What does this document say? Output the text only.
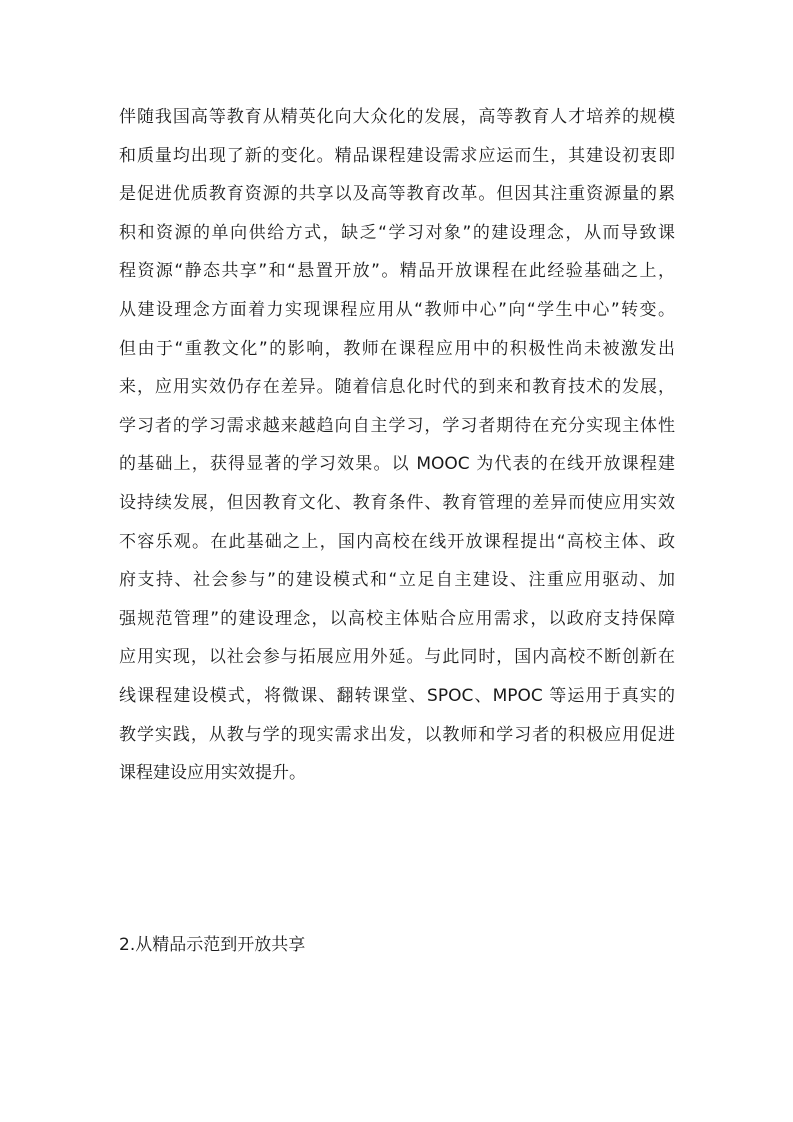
伴随我国高等教育从精英化向大众化的发展，高等教育人才培养的规模
和质量均出现了新的变化。精品课程建设需求应运而生，其建设初衷即
是促进优质教育资源的共享以及高等教育改革。但因其注重资源量的累
积和资源的单向供给方式，缺乏“学习对象”的建设理念，从而导致课
程资源“静态共享”和“悬置开放”。精品开放课程在此经验基础之上，
从建设理念方面着力实现课程应用从“教师中心”向“学生中心”转变。
但由于“重教文化”的影响，教师在课程应用中的积极性尚未被激发出
来，应用实效仍存在差异。随着信息化时代的到来和教育技术的发展，
学习者的学习需求越来越趋向自主学习，学习者期待在充分实现主体性
的基础上，获得显著的学习效果。以 MOOC 为代表的在线开放课程建
设持续发展，但因教育文化、教育条件、教育管理的差异而使应用实效
不容乐观。在此基础之上，国内高校在线开放课程提出“高校主体、政
府支持、社会参与”的建设模式和“立足自主建设、注重应用驱动、加
强规范管理”的建设理念，以高校主体贴合应用需求，以政府支持保障
应用实现，以社会参与拓展应用外延。与此同时，国内高校不断创新在
线课程建设模式，将微课、翻转课堂、SPOC、MPOC 等运用于真实的
教学实践，从教与学的现实需求出发，以教师和学习者的积极应用促进
课程建设应用实效提升。
2.从精品示范到开放共享
